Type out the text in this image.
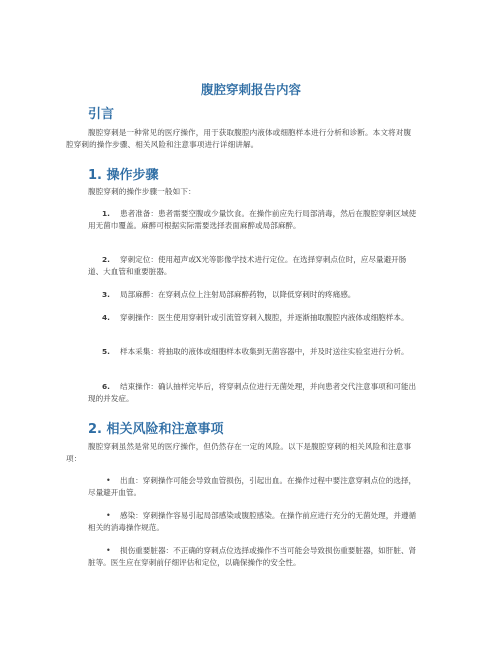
腹腔穿刺报告内容
引言
腹腔穿刺是一种常见的医疗操作，用于获取腹腔内液体或细胞样本进行分析和诊断。本文将对腹腔穿刺的操作步骤、相关风险和注意事项进行详细讲解。
1. 操作步骤
腹腔穿刺的操作步骤一般如下：
1.	患者准备：患者需要空腹或少量饮食。在操作前应先行局部消毒，然后在腹腔穿刺区域使用无菌巾覆盖。麻醉可根据实际需要选择表面麻醉或局部麻醉。
2.	穿刺定位：使用超声或X光等影像学技术进行定位。在选择穿刺点位时，应尽量避开肠道、大血管和重要脏器。
3.	局部麻醉：在穿刺点位上注射局部麻醉药物，以降低穿刺时的疼痛感。
4.	穿刺操作：医生使用穿刺针或引流管穿刺入腹腔，并逐渐抽取腹腔内液体或细胞样本。
5.	样本采集：将抽取的液体或细胞样本收集到无菌容器中，并及时送往实验室进行分析。
6.	结束操作：确认抽样完毕后，将穿刺点位进行无菌处理，并向患者交代注意事项和可能出现的并发症。
2. 相关风险和注意事项
腹腔穿刺虽然是常见的医疗操作，但仍然存在一定的风险。以下是腹腔穿刺的相关风险和注意事项：
•	出血：穿刺操作可能会导致血管损伤，引起出血。在操作过程中要注意穿刺点位的选择，尽量避开血管。
•	感染：穿刺操作容易引起局部感染或腹腔感染。在操作前应进行充分的无菌处理，并遵循相关的消毒操作规范。
•	损伤重要脏器：不正确的穿刺点位选择或操作不当可能会导致损伤重要脏器，如肝脏、肾脏等。医生应在穿刺前仔细评估和定位，以确保操作的安全性。
